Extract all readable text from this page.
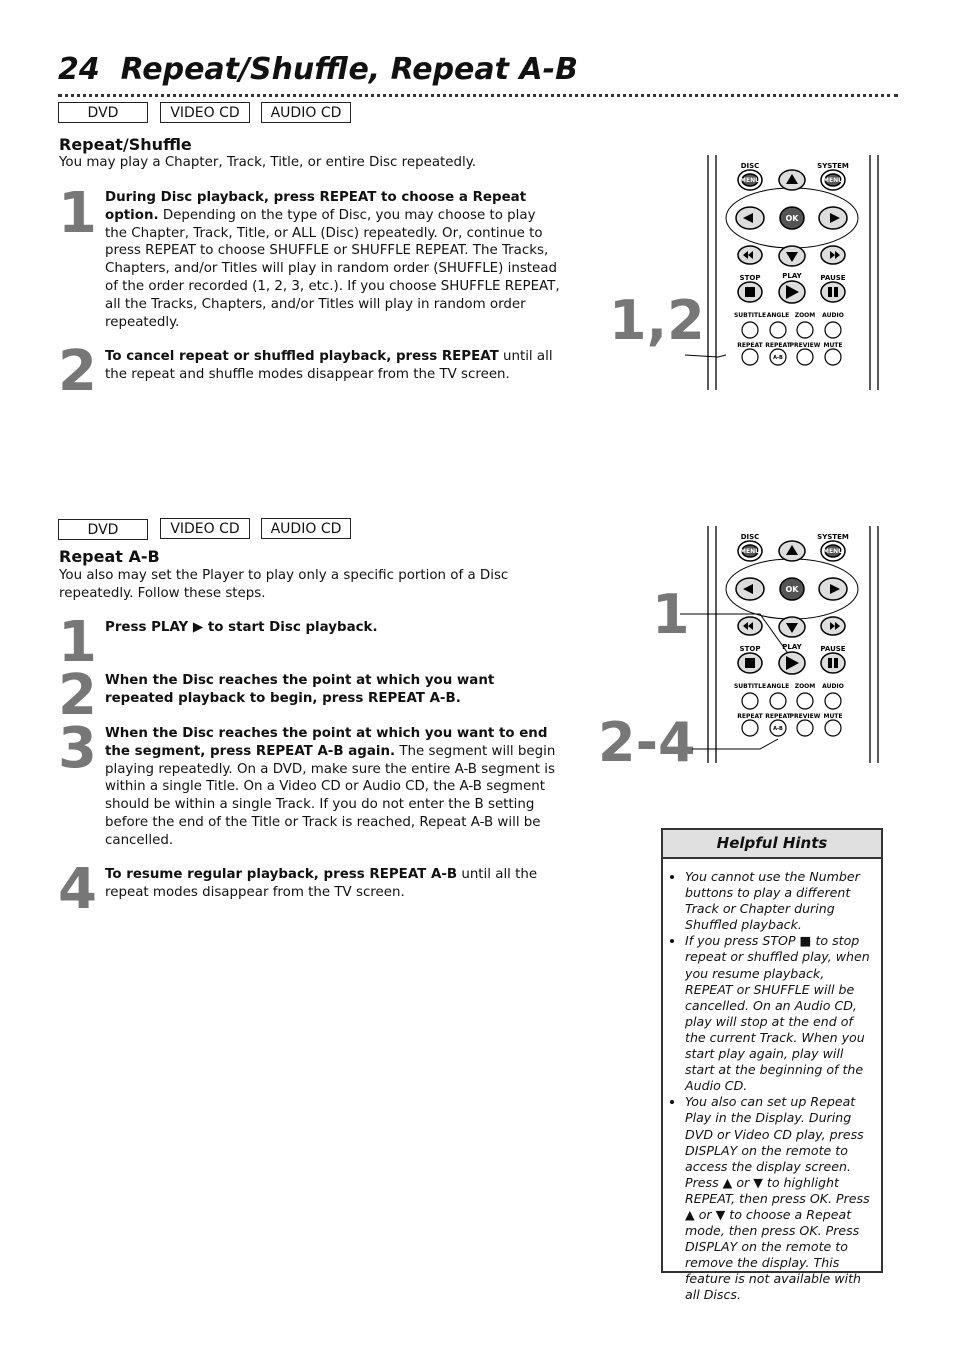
24 Repeat/Shuffle, Repeat A-B
DVD	VIDEO CD	AUDIO CD
Repeat/Shuffle
You may play a Chapter, Track, Title, or entire Disc repeatedly.
1 During Disc playback, press REPEAT to choose a Repeat option. Depending on the type of Disc, you may choose to play the Chapter, Track, Title, or ALL (Disc) repeatedly. Or, continue to press REPEAT to choose SHUFFLE or SHUFFLE REPEAT. The Tracks, Chapters, and/or Titles will play in random order (SHUFFLE) instead of the order recorded (1, 2, 3, etc.). If you choose SHUFFLE REPEAT, all the Tracks, Chapters, and/or Titles will play in random order repeatedly.
2 To cancel repeat or shuffled playback, press REPEAT until all the repeat and shuffle modes disappear from the TV screen.
1,2
DISC	SYSTEM
MENU	MENU
OK
STOP	PLAY	PAUSE
SUBTITLE ANGLE ZOOM AUDIO
REPEAT REPEAT
PREVIEW MUTE
A-B
DVD	VIDEO CD	AUDIO CD
Repeat A-B
You also may set the Player to play only a specific portion of a Disc repeatedly. Follow these steps.
1 Press PLAY ▶ to start Disc playback.
2 When the Disc reaches the point at which you want repeated playback to begin, press REPEAT A-B.
3 When the Disc reaches the point at which you want to end the segment, press REPEAT A-B again. The segment will begin playing repeatedly. On a DVD, make sure the entire A-B segment is within a single Title. On a Video CD or Audio CD, the A-B segment should be within a single Track. If you do not enter the B setting before the end of the Title or Track is reached, Repeat A-B will be cancelled.
4 To resume regular playback, press REPEAT A-B until all the repeat modes disappear from the TV screen.
1
2-4
DISC	SYSTEM
MENU	MENU
OK
STOP	PLAY	PAUSE
SUBTITLE ANGLE ZOOM AUDIO
REPEAT REPEAT
PREVIEW MUTE
A-B
Helpful Hints
• You cannot use the Number buttons to play a different Track or Chapter during Shuffled playback.
• If you press STOP ■ to stop repeat or shuffled play, when you resume playback, REPEAT or SHUFFLE will be cancelled. On an Audio CD, play will stop at the end of the current Track. When you start play again, play will start at the beginning of the Audio CD.
• You also can set up Repeat Play in the Display. During DVD or Video CD play, press DISPLAY on the remote to access the display screen. Press ▲ or ▼ to highlight REPEAT, then press OK. Press ▲ or ▼ to choose a Repeat mode, then press OK. Press DISPLAY on the remote to remove the display. This feature is not available with all Discs.
